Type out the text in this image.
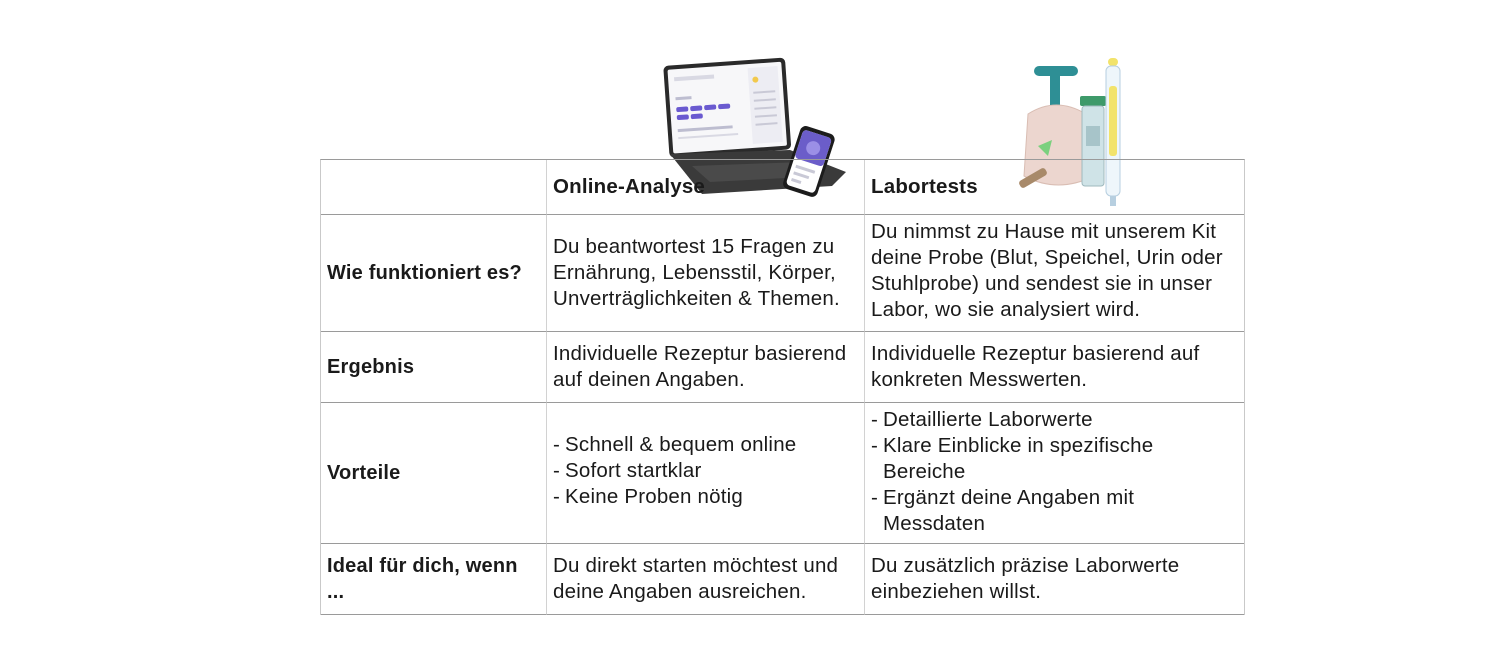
Online-Analyse	Labortests
Wie funktioniert es?
Du beantwortest 15 Fragen zu
Ernährung, Lebensstil, Körper,
Unverträglichkeiten & Themen.
Du nimmst zu Hause mit unserem Kit
deine Probe (Blut, Speichel, Urin oder
Stuhlprobe) und sendest sie in unser
Labor, wo sie analysiert wird.
Ergebnis
Individuelle Rezeptur basierend
auf deinen Angaben.
Individuelle Rezeptur basierend auf
konkreten Messwerten.
Vorteile
- Schnell & bequem online
- Sofort startklar
- Keine Proben nötig
- Detaillierte Laborwerte
- Klare Einblicke in spezifische Bereiche
- Ergänzt deine Angaben mit Messdaten
Ideal für dich, wenn ...
Du direkt starten möchtest und
deine Angaben ausreichen.
Du zusätzlich präzise Laborwerte
einbeziehen willst.
